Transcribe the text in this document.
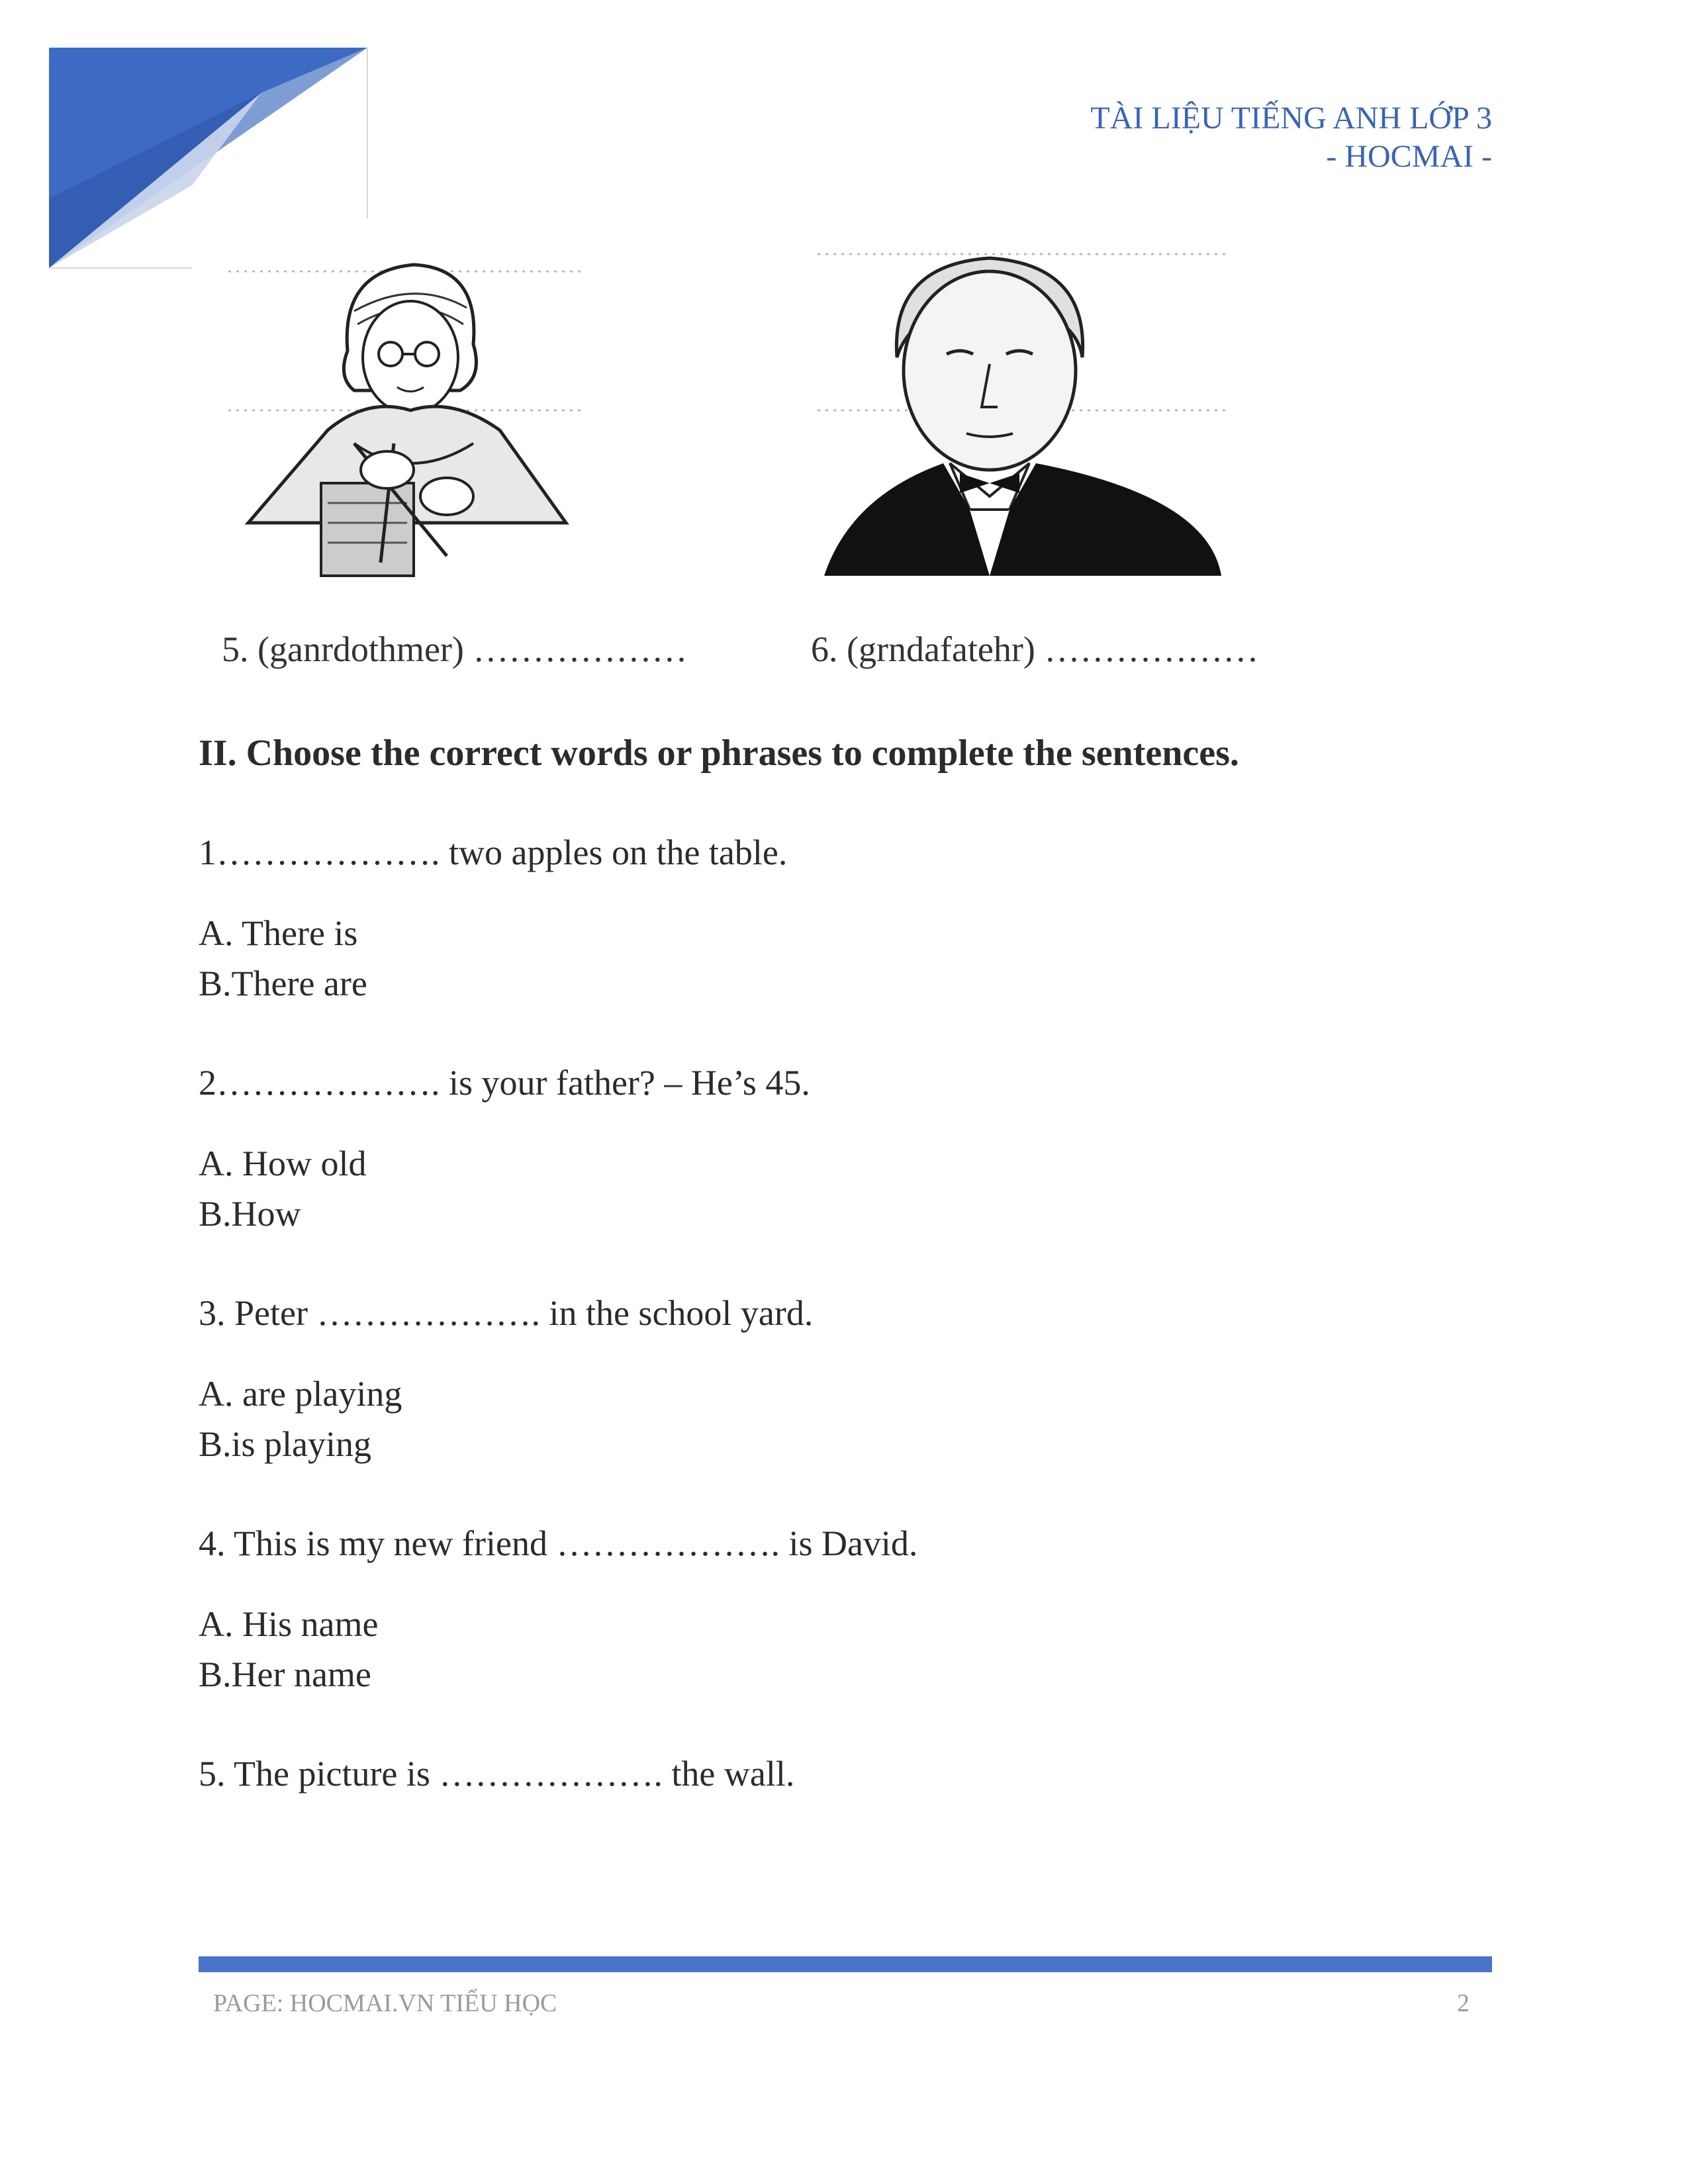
TÀI LIỆU TIẾNG ANH LỚP 3
- HOCMAI -
5. (ganrdothmer) ………………	6. (grndafatehr) ………………
II. Choose the correct words or phrases to complete the sentences.
1………………. two apples on the table.
A. There is
B.There are
2………………. is your father? – He’s 45.
A. How old
B.How
3. Peter ………………. in the school yard.
A. are playing
B.is playing
4. This is my new friend ………………. is David.
A. His name
B.Her name
5. The picture is ………………. the wall.
PAGE: HOCMAI.VN TIỂU HỌC	2
